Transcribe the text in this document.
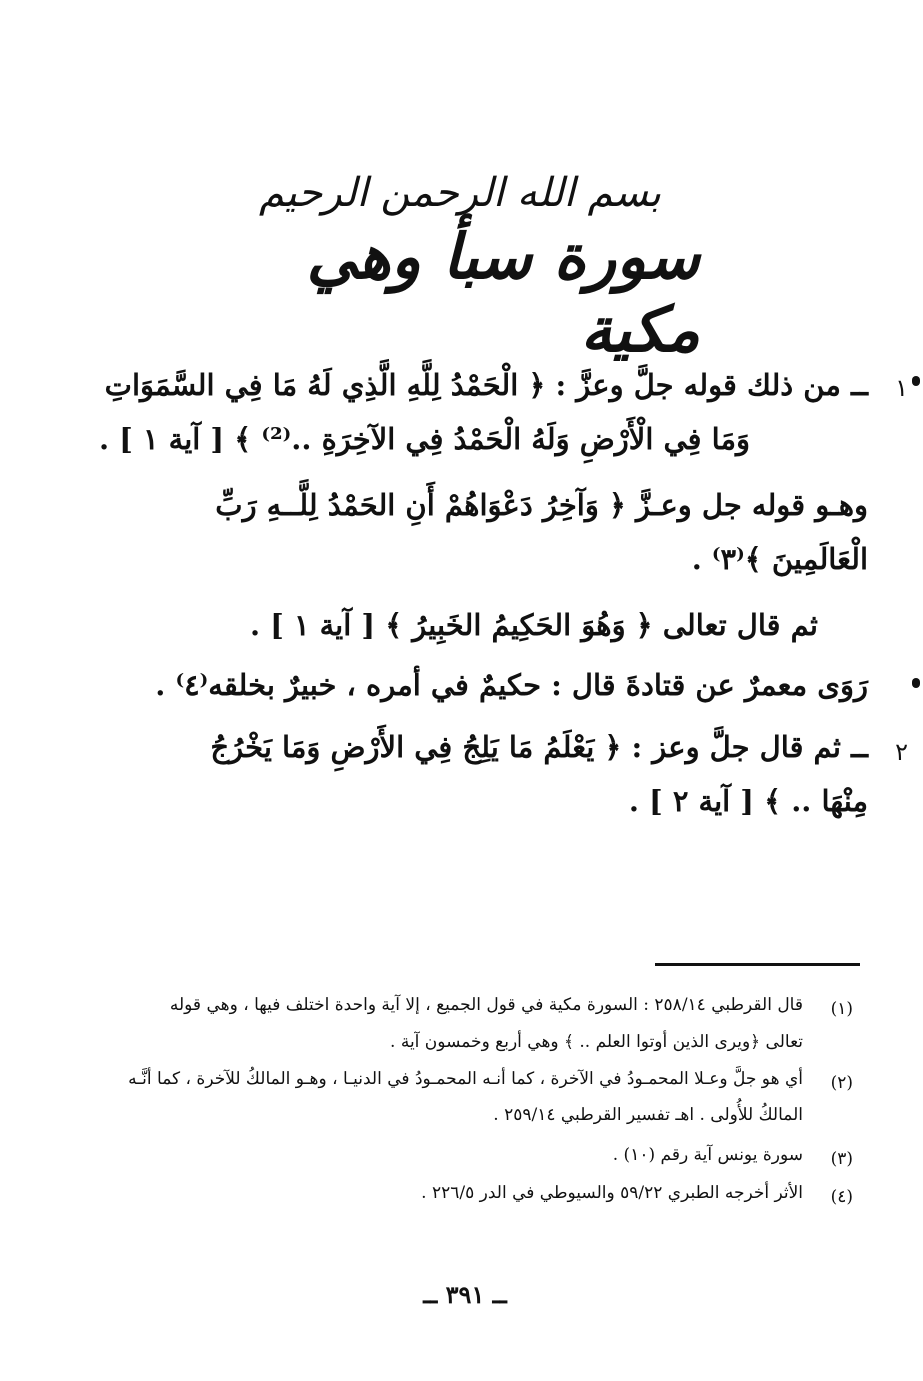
بسم الله الرحمن الرحيم
سورة سبأ وهي مكية
١
ــ من ذلك قوله جلَّ وعزَّ : ﴿ الْحَمْدُ لِلَّهِ الَّذِي لَهُ مَا فِي السَّمَوَاتِ
وَمَا فِي الْأَرْضِ وَلَهُ الْحَمْدُ فِي الآخِرَةِ ..⁽²⁾ ﴾ [ آية ١ ] .
وهـو قوله جل وعـزَّ ﴿ وَآخِرُ دَعْوَاهُمْ أَنِ الحَمْدُ لِلَّــهِ رَبِّ
الْعَالَمِينَ ﴾⁽٣⁾ .
ثم قال تعالى ﴿ وَهُوَ الحَكِيمُ الخَبِيرُ ﴾ [ آية ١ ] .
رَوَى معمرٌ عن قتادةَ قال : حكيمٌ في أمره ، خبيرٌ بخلقه⁽٤⁾ .
٢
ــ ثم قال جلَّ وعز : ﴿ يَعْلَمُ مَا يَلِجُ فِي الأَرْضِ وَمَا يَخْرُجُ
مِنْهَا .. ﴾ [ آية ٢ ] .
(١)
قال القرطبي ٢٥٨/١٤ : السورة مكية في قول الجميع ، إلا آية واحدة اختلف فيها ، وهي قوله
تعالى ﴿ويرى الذين أوتوا العلم .. ﴾ وهي أربع وخمسون آية .
(٢)
أي هو جلَّ وعـلا المحمـودُ في الآخرة ، كما أنـه المحمـودُ في الدنيـا ، وهـو المالكُ للآخرة ، كما أنَّـه
المالكُ للأُولى . اهـ تفسير القرطبي ٢٥٩/١٤ .
(٣)
سورة يونس آية رقم (١٠) .
(٤)
الأثر أخرجه الطبري ٥٩/٢٢ والسيوطي في الدر ٢٢٦/٥ .
ــ ٣٩١ ــ
